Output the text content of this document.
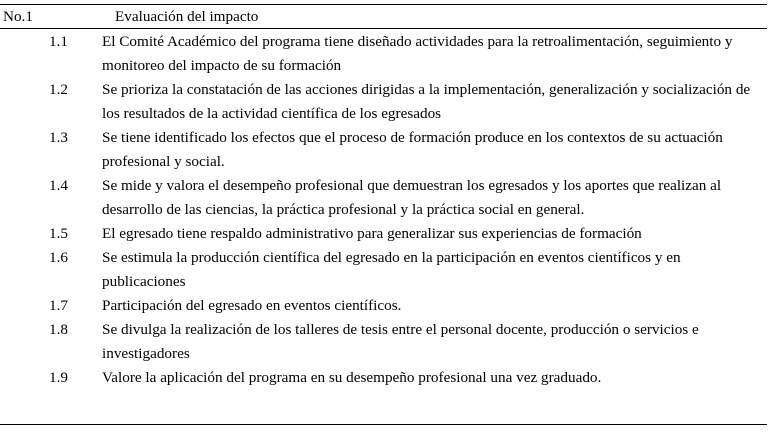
No.1	Evaluación del impacto
1.1 El Comité Académico del programa tiene diseñado actividades para la retroalimentación, seguimiento y monitoreo del impacto de su formación
1.2 Se prioriza la constatación de las acciones dirigidas a la implementación, generalización y socialización de los resultados de la actividad científica de los egresados
1.3 Se tiene identificado los efectos que el proceso de formación produce en los contextos de su actuación profesional y social.
1.4 Se mide y valora el desempeño profesional que demuestran los egresados y los aportes que realizan al desarrollo de las ciencias, la práctica profesional y la práctica social en general.
1.5 El egresado tiene respaldo administrativo para generalizar sus experiencias de formación
1.6 Se estimula la producción científica del egresado en la participación en eventos científicos y en publicaciones
1.7 Participación del egresado en eventos científicos.
1.8 Se divulga la realización de los talleres de tesis entre el personal docente, producción o servicios e investigadores
1.9 Valore la aplicación del programa en su desempeño profesional una vez graduado.
